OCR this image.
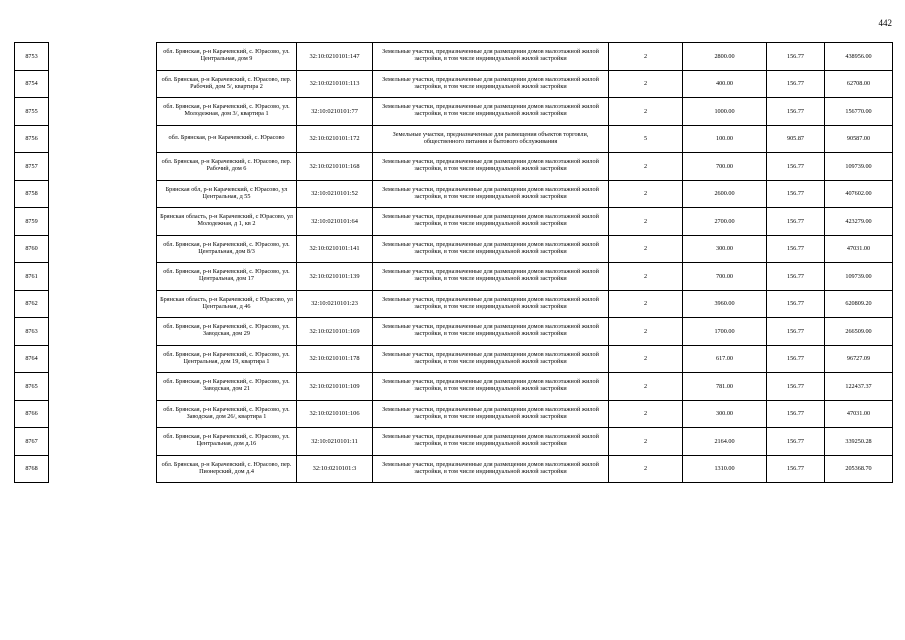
442
8753		обл. Брянская, р-н Карачевский, с. Юрасово, ул. Центральная, дом 9	32:10:0210101:147	Земельные участки, предназначенные для размещения домов малоэтажной жилой застройки, в том числе индивидуальной жилой застройки	2	2800.00	156.77	438956.00
8754		обл. Брянская, р-н Карачевский, с. Юрасово, пер. Рабочий, дом 5/, квартира 2	32:10:0210101:113	Земельные участки, предназначенные для размещения домов малоэтажной жилой застройки, в том числе индивидуальной жилой застройки	2	400.00	156.77	62708.00
8755		обл. Брянская, р-н Карачевский, с. Юрасово, ул. Молодежная, дом 3/, квартира 1	32:10:0210101:77	Земельные участки, предназначенные для размещения домов малоэтажной жилой застройки, в том числе индивидуальной жилой застройки	2	1000.00	156.77	156770.00
8756		обл. Брянская, р-н Карачевский, с. Юрасово	32:10:0210101:172	Земельные участки, предназначенные для размещения объектов торговли, общественного питания и бытового обслуживания	5	100.00	905.87	90587.00
8757		обл. Брянская, р-н Карачевский, с. Юрасово, пер. Рабочий, дом 6	32:10:0210101:168	Земельные участки, предназначенные для размещения домов малоэтажной жилой застройки, в том числе индивидуальной жилой застройки	2	700.00	156.77	109739.00
8758		Брянская обл, р-н Карачевский, с Юрасово, ул Центральная, д 55	32:10:0210101:52	Земельные участки, предназначенные для размещения домов малоэтажной жилой застройки, в том числе индивидуальной жилой застройки	2	2600.00	156.77	407602.00
8759		Брянская область, р-н Карачевский, с Юрасово, ул Молодежная, д 1, кв 2	32:10:0210101:64	Земельные участки, предназначенные для размещения домов малоэтажной жилой застройки, в том числе индивидуальной жилой застройки	2	2700.00	156.77	423279.00
8760		обл. Брянская, р-н Карачевский, с. Юрасово, ул. Центральная, дом 8/3	32:10:0210101:141	Земельные участки, предназначенные для размещения домов малоэтажной жилой застройки, в том числе индивидуальной жилой застройки	2	300.00	156.77	47031.00
8761		обл. Брянская, р-н Карачевский, с. Юрасово, ул. Центральная, дом 17	32:10:0210101:139	Земельные участки, предназначенные для размещения домов малоэтажной жилой застройки, в том числе индивидуальной жилой застройки	2	700.00	156.77	109739.00
8762		Брянская область, р-н Карачевский, с Юрасово, ул Центральная, д 46	32:10:0210101:23	Земельные участки, предназначенные для размещения домов малоэтажной жилой застройки, в том числе индивидуальной жилой застройки	2	3960.00	156.77	620809.20
8763		обл. Брянская, р-н Карачевский, с. Юрасово, ул. Заводская, дом 29	32:10:0210101:169	Земельные участки, предназначенные для размещения домов малоэтажной жилой застройки, в том числе индивидуальной жилой застройки	2	1700.00	156.77	266509.00
8764		обл. Брянская, р-н Карачевский, с. Юрасово, ул. Центральная, дом 19, квартира 1	32:10:0210101:178	Земельные участки, предназначенные для размещения домов малоэтажной жилой застройки, в том числе индивидуальной жилой застройки	2	617.00	156.77	96727.09
8765		обл. Брянская, р-н Карачевский, с. Юрасово, ул. Заводская, дом 21	32:10:0210101:109	Земельные участки, предназначенные для размещения домов малоэтажной жилой застройки, в том числе индивидуальной жилой застройки	2	781.00	156.77	122437.37
8766		обл. Брянская, р-н Карачевский, с. Юрасово, ул. Заводская, дом 26/, квартира 1	32:10:0210101:106	Земельные участки, предназначенные для размещения домов малоэтажной жилой застройки, в том числе индивидуальной жилой застройки	2	300.00	156.77	47031.00
8767		обл. Брянская, р-н Карачевский, с. Юрасово, ул. Центральная, дом д.16	32:10:0210101:11	Земельные участки, предназначенные для размещения домов малоэтажной жилой застройки, в том числе индивидуальной жилой застройки	2	2164.00	156.77	339250.28
8768		обл. Брянская, р-н Карачевский, с. Юрасово, пер. Пионерский, дом д.4	32:10:0210101:3	Земельные участки, предназначенные для размещения домов малоэтажной жилой застройки, в том числе индивидуальной жилой застройки	2	1310.00	156.77	205368.70
